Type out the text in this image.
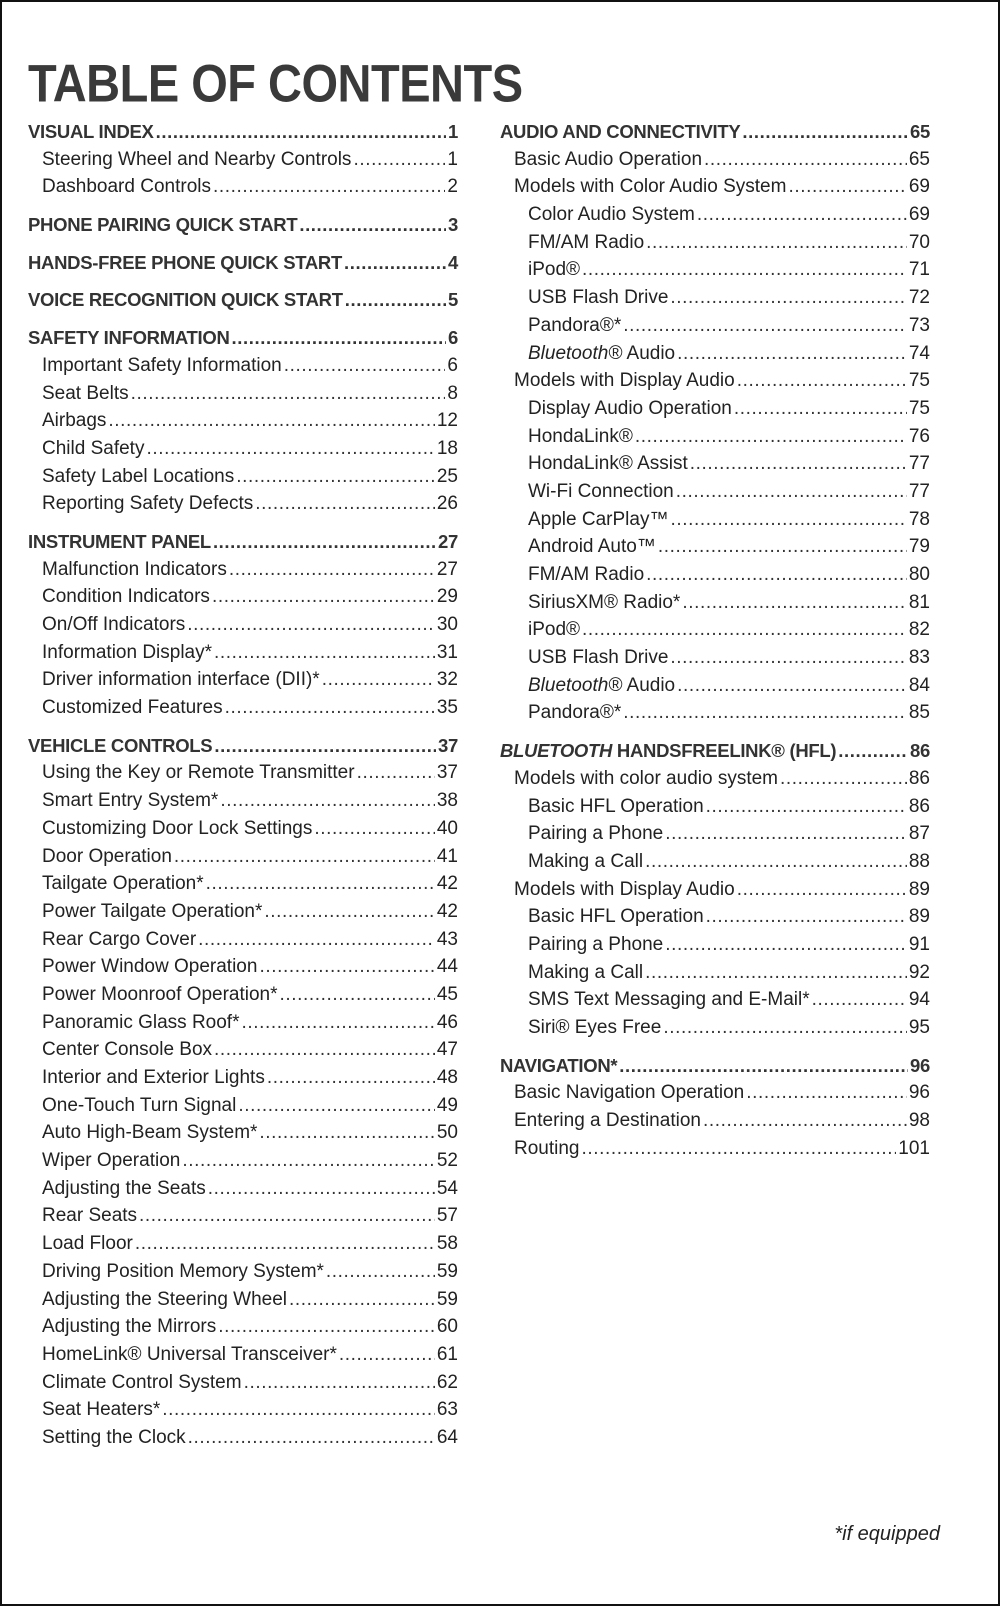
TABLE OF CONTENTS
VISUAL INDEX .....	1
Steering Wheel and Nearby Controls .....	1
Dashboard Controls .....	2
PHONE PAIRING QUICK START .....	3
HANDS-FREE PHONE QUICK START .....	4
VOICE RECOGNITION QUICK START .....	5
SAFETY INFORMATION .....	6
Important Safety Information .....	6
Seat Belts .....	8
Airbags .....	12
Child Safety .....	18
Safety Label Locations .....	25
Reporting Safety Defects .....	26
INSTRUMENT PANEL .....	27
Malfunction Indicators .....	27
Condition Indicators .....	29
On/Off Indicators .....	30
Information Display* .....	31
Driver information interface (DII)* .....	32
Customized Features .....	35
VEHICLE CONTROLS .....	37
Using the Key or Remote Transmitter .....	37
Smart Entry System* .....	38
Customizing Door Lock Settings .....	40
Door Operation .....	41
Tailgate Operation* .....	42
Power Tailgate Operation* .....	42
Rear Cargo Cover .....	43
Power Window Operation .....	44
Power Moonroof Operation* .....	45
Panoramic Glass Roof* .....	46
Center Console Box .....	47
Interior and Exterior Lights .....	48
One-Touch Turn Signal .....	49
Auto High-Beam System* .....	50
Wiper Operation .....	52
Adjusting the Seats .....	54
Rear Seats .....	57
Load Floor .....	58
Driving Position Memory System* .....	59
Adjusting the Steering Wheel .....	59
Adjusting the Mirrors .....	60
HomeLink® Universal Transceiver* .....	61
Climate Control System .....	62
Seat Heaters* .....	63
Setting the Clock .....	64
AUDIO AND CONNECTIVITY .....	65
Basic Audio Operation .....	65
Models with Color Audio System .....	69
Color Audio System .....	69
FM/AM Radio .....	70
iPod® .....	71
USB Flash Drive .....	72
Pandora®* .....	73
Bluetooth® Audio .....	74
Models with Display Audio .....	75
Display Audio Operation .....	75
HondaLink® .....	76
HondaLink® Assist .....	77
Wi-Fi Connection .....	77
Apple CarPlay™ .....	78
Android Auto™ .....	79
FM/AM Radio .....	80
SiriusXM® Radio* .....	81
iPod® .....	82
USB Flash Drive .....	83
Bluetooth® Audio .....	84
Pandora®* .....	85
BLUETOOTH HANDSFREELINK® (HFL) .....	86
Models with color audio system .....	86
Basic HFL Operation .....	86
Pairing a Phone .....	87
Making a Call .....	88
Models with Display Audio .....	89
Basic HFL Operation .....	89
Pairing a Phone .....	91
Making a Call .....	92
SMS Text Messaging and E-Mail* .....	94
Siri® Eyes Free .....	95
NAVIGATION* .....	96
Basic Navigation Operation .....	96
Entering a Destination .....	98
Routing .....	101
*if equipped
